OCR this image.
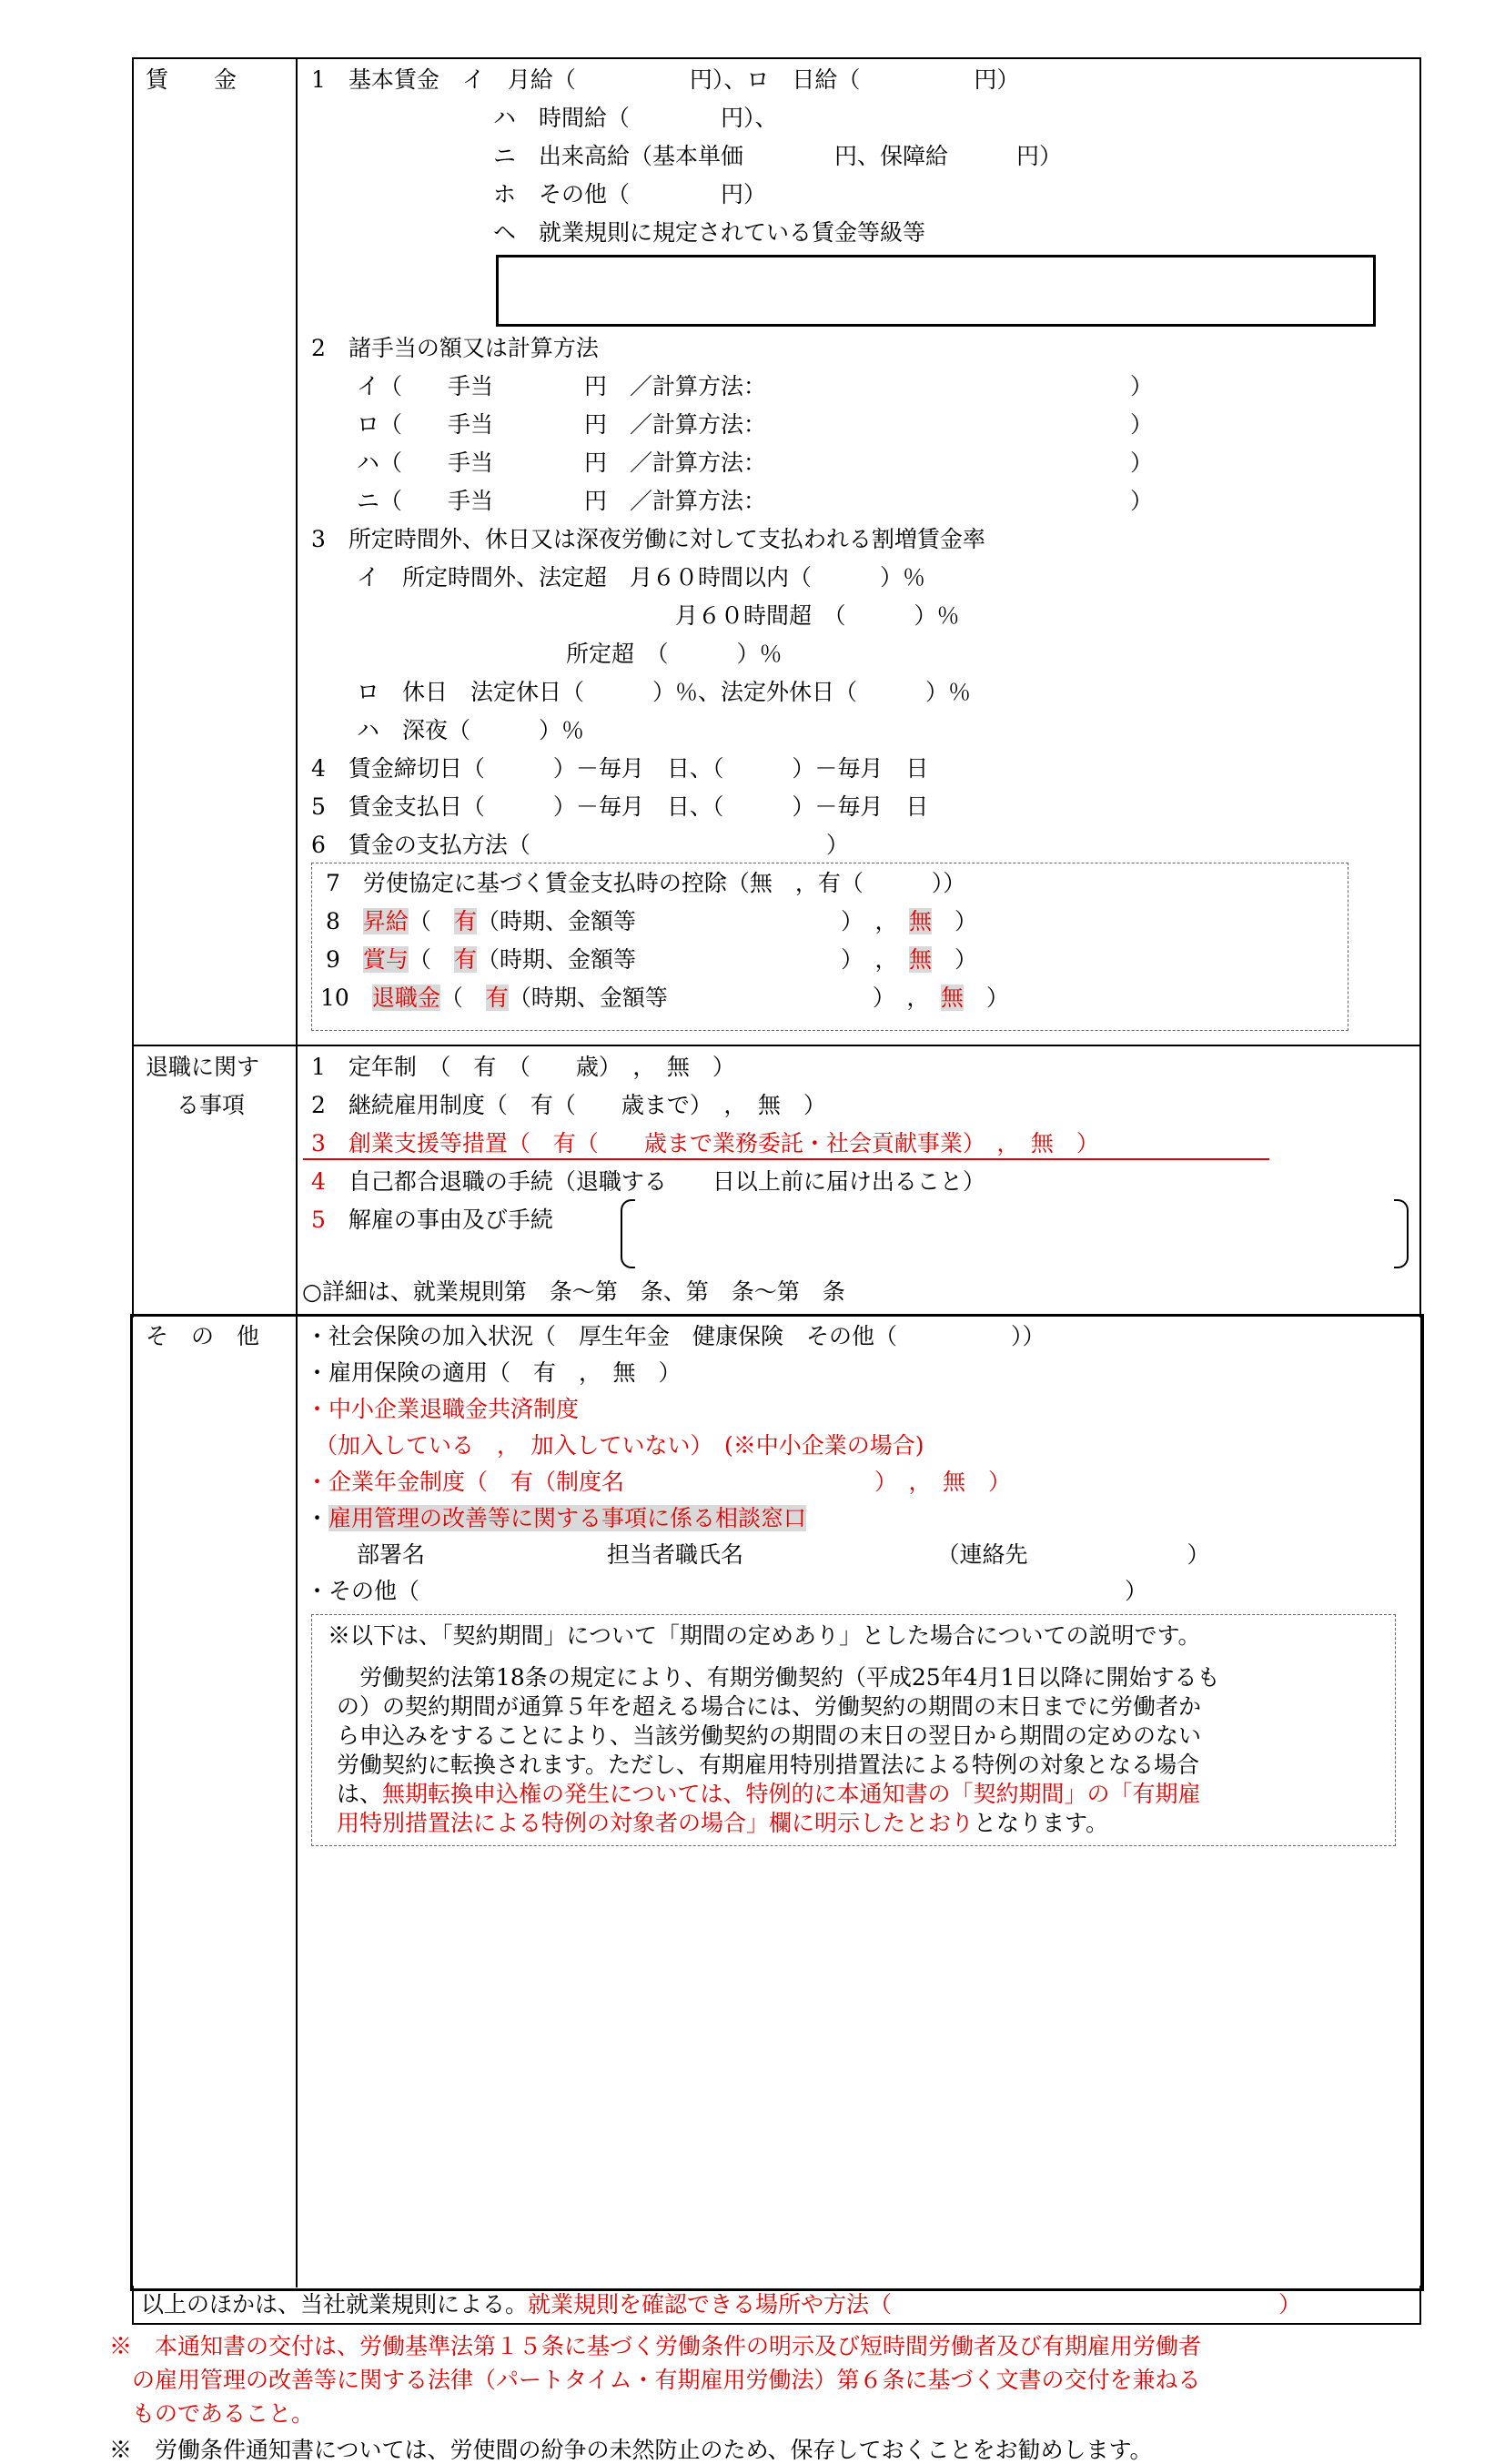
賃　　金	1　基本賃金　イ　月給（　　　　　円）、ロ　日給（　　　　　円）
ハ　時間給（　　　　円）、
ニ　出来高給（基本単価　　　　円、保障給　　　円）
ホ　その他（　　　　円）
ヘ　就業規則に規定されている賃金等級等
2　諸手当の額又は計算方法
イ（　　手当　　　　円　／計算方法：
ロ（　　手当　　　　円　／計算方法：
ハ（　　手当　　　　円　／計算方法：
ニ（　　手当　　　　円　／計算方法：
）
）
）
）
3　所定時間外、休日又は深夜労働に対して支払われる割増賃金率
イ　所定時間外、法定超　月６０時間以内（　　　）％
月６０時間超　（　　　）％
所定超　（　　　）％
ロ　休日　法定休日（　　　）％、法定外休日（　　　）％
ハ　深夜（　　　）％
4　賃金締切日（　　　）－毎月　日、（　　　）－毎月　日
5　賃金支払日（　　　）－毎月　日、（　　　）－毎月　日
6　賃金の支払方法（　　　　　　　　　　　　　）
7　労使協定に基づく賃金支払時の控除（無　，有（　　　））
8　昇給（　有（時期、金額等　　　　　　　　　）　，　無　）
9　賞与（　有（時期、金額等　　　　　　　　　）　，　無　）
10　退職金（　有（時期、金額等　　　　　　　　　）　，　無　）
退職に関す
る事項
1　定年制　（　有　（　　歳）　，　無　）
2　継続雇用制度（　有（　　歳まで）　，　無　）
3　創業支援等措置（　有（　　歳まで業務委託・社会貢献事業）　，　無　）
4　自己都合退職の手続（退職する　　日以上前に届け出ること）
5　解雇の事由及び手続
○詳細は、就業規則第　条～第　条、第　条～第　条
そ　の　他 ・社会保険の加入状況（　厚生年金　健康保険　その他（　　　　　））
・雇用保険の適用（　有　，　無　）
・中小企業退職金共済制度
（加入している　，　加入していない）　(※中小企業の場合)
・企業年金制度（　有（制度名　　　　　　　　　　　）　，　無　）
・雇用管理の改善等に関する事項に係る相談窓口
部署名　　　　　　　　担当者職氏名　　　　　　　　　（連絡先　　　　　　　）
・その他（　　　　　　　　　　　　　　　　　　　　　　　　　　　　　　　）
※以下は、「契約期間」について「期間の定めあり」とした場合についての説明です。
　労働契約法第18条の規定により、有期労働契約（平成25年4月1日以降に開始するも
の）の契約期間が通算５年を超える場合には、労働契約の期間の末日までに労働者か
ら申込みをすることにより、当該労働契約の期間の末日の翌日から期間の定めのない
労働契約に転換されます。ただし、有期雇用特別措置法による特例の対象となる場合
は、無期転換申込権の発生については、特例的に本通知書の「契約期間」の「有期雇
用特別措置法による特例の対象者の場合」欄に明示したとおりとなります。
以上のほかは、当社就業規則による。就業規則を確認できる場所や方法（　　　　　　　　　　　　　　　　　）
※　本通知書の交付は、労働基準法第１５条に基づく労働条件の明示及び短時間労働者及び有期雇用労働者
　の雇用管理の改善等に関する法律（パートタイム・有期雇用労働法）第６条に基づく文書の交付を兼ねる
　ものであること。
※　労働条件通知書については、労使間の紛争の未然防止のため、保存しておくことをお勧めします。
